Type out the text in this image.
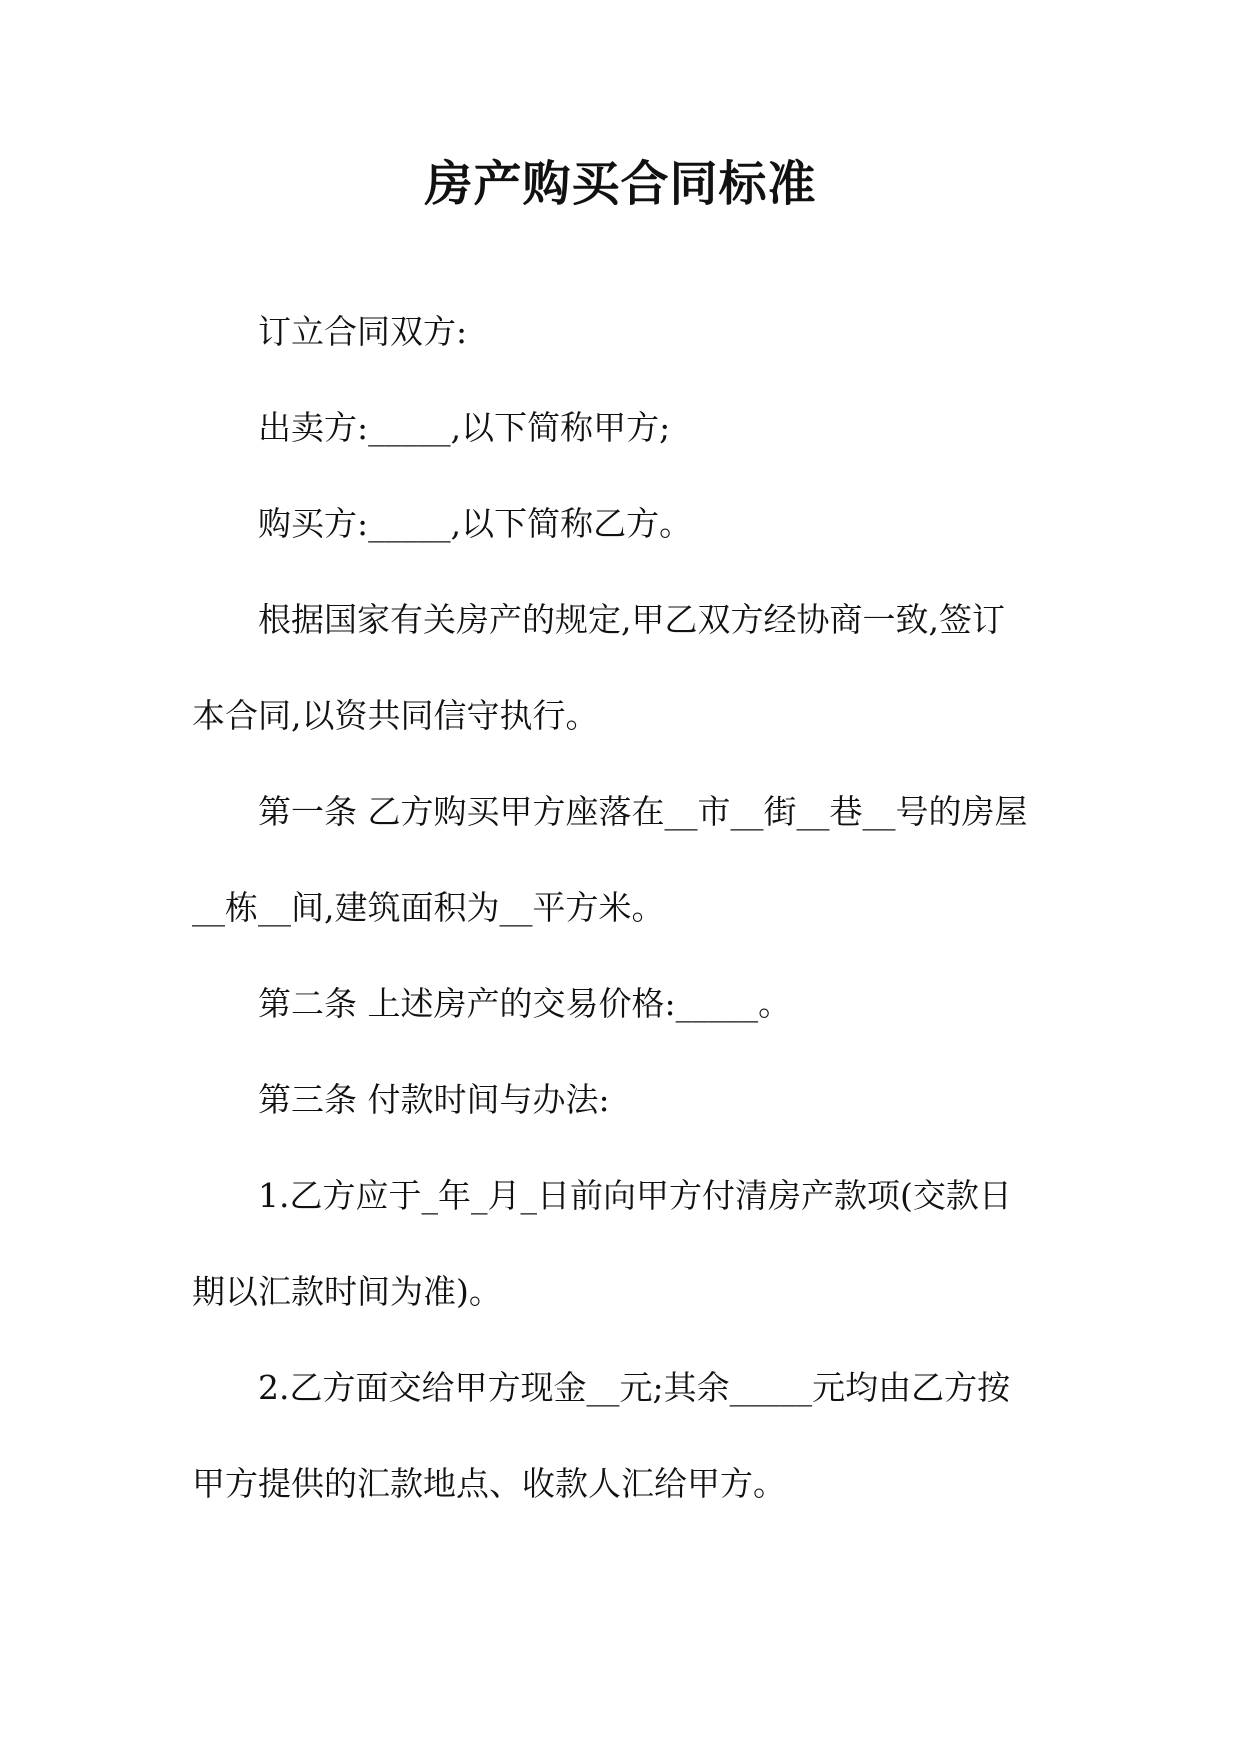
房产购买合同标准
订立合同双方:
出卖方:_____,以下简称甲方;
购买方:_____,以下简称乙方。
根据国家有关房产的规定,甲乙双方经协商一致,签订
本合同,以资共同信守执行。
第一条 乙方购买甲方座落在__市__街__巷__号的房屋
__栋__间,建筑面积为__平方米。
第二条 上述房产的交易价格:_____。
第三条 付款时间与办法:
1.乙方应于_年_月_日前向甲方付清房产款项(交款日
期以汇款时间为准)。
2.乙方面交给甲方现金__元;其余_____元均由乙方按
甲方提供的汇款地点、收款人汇给甲方。
